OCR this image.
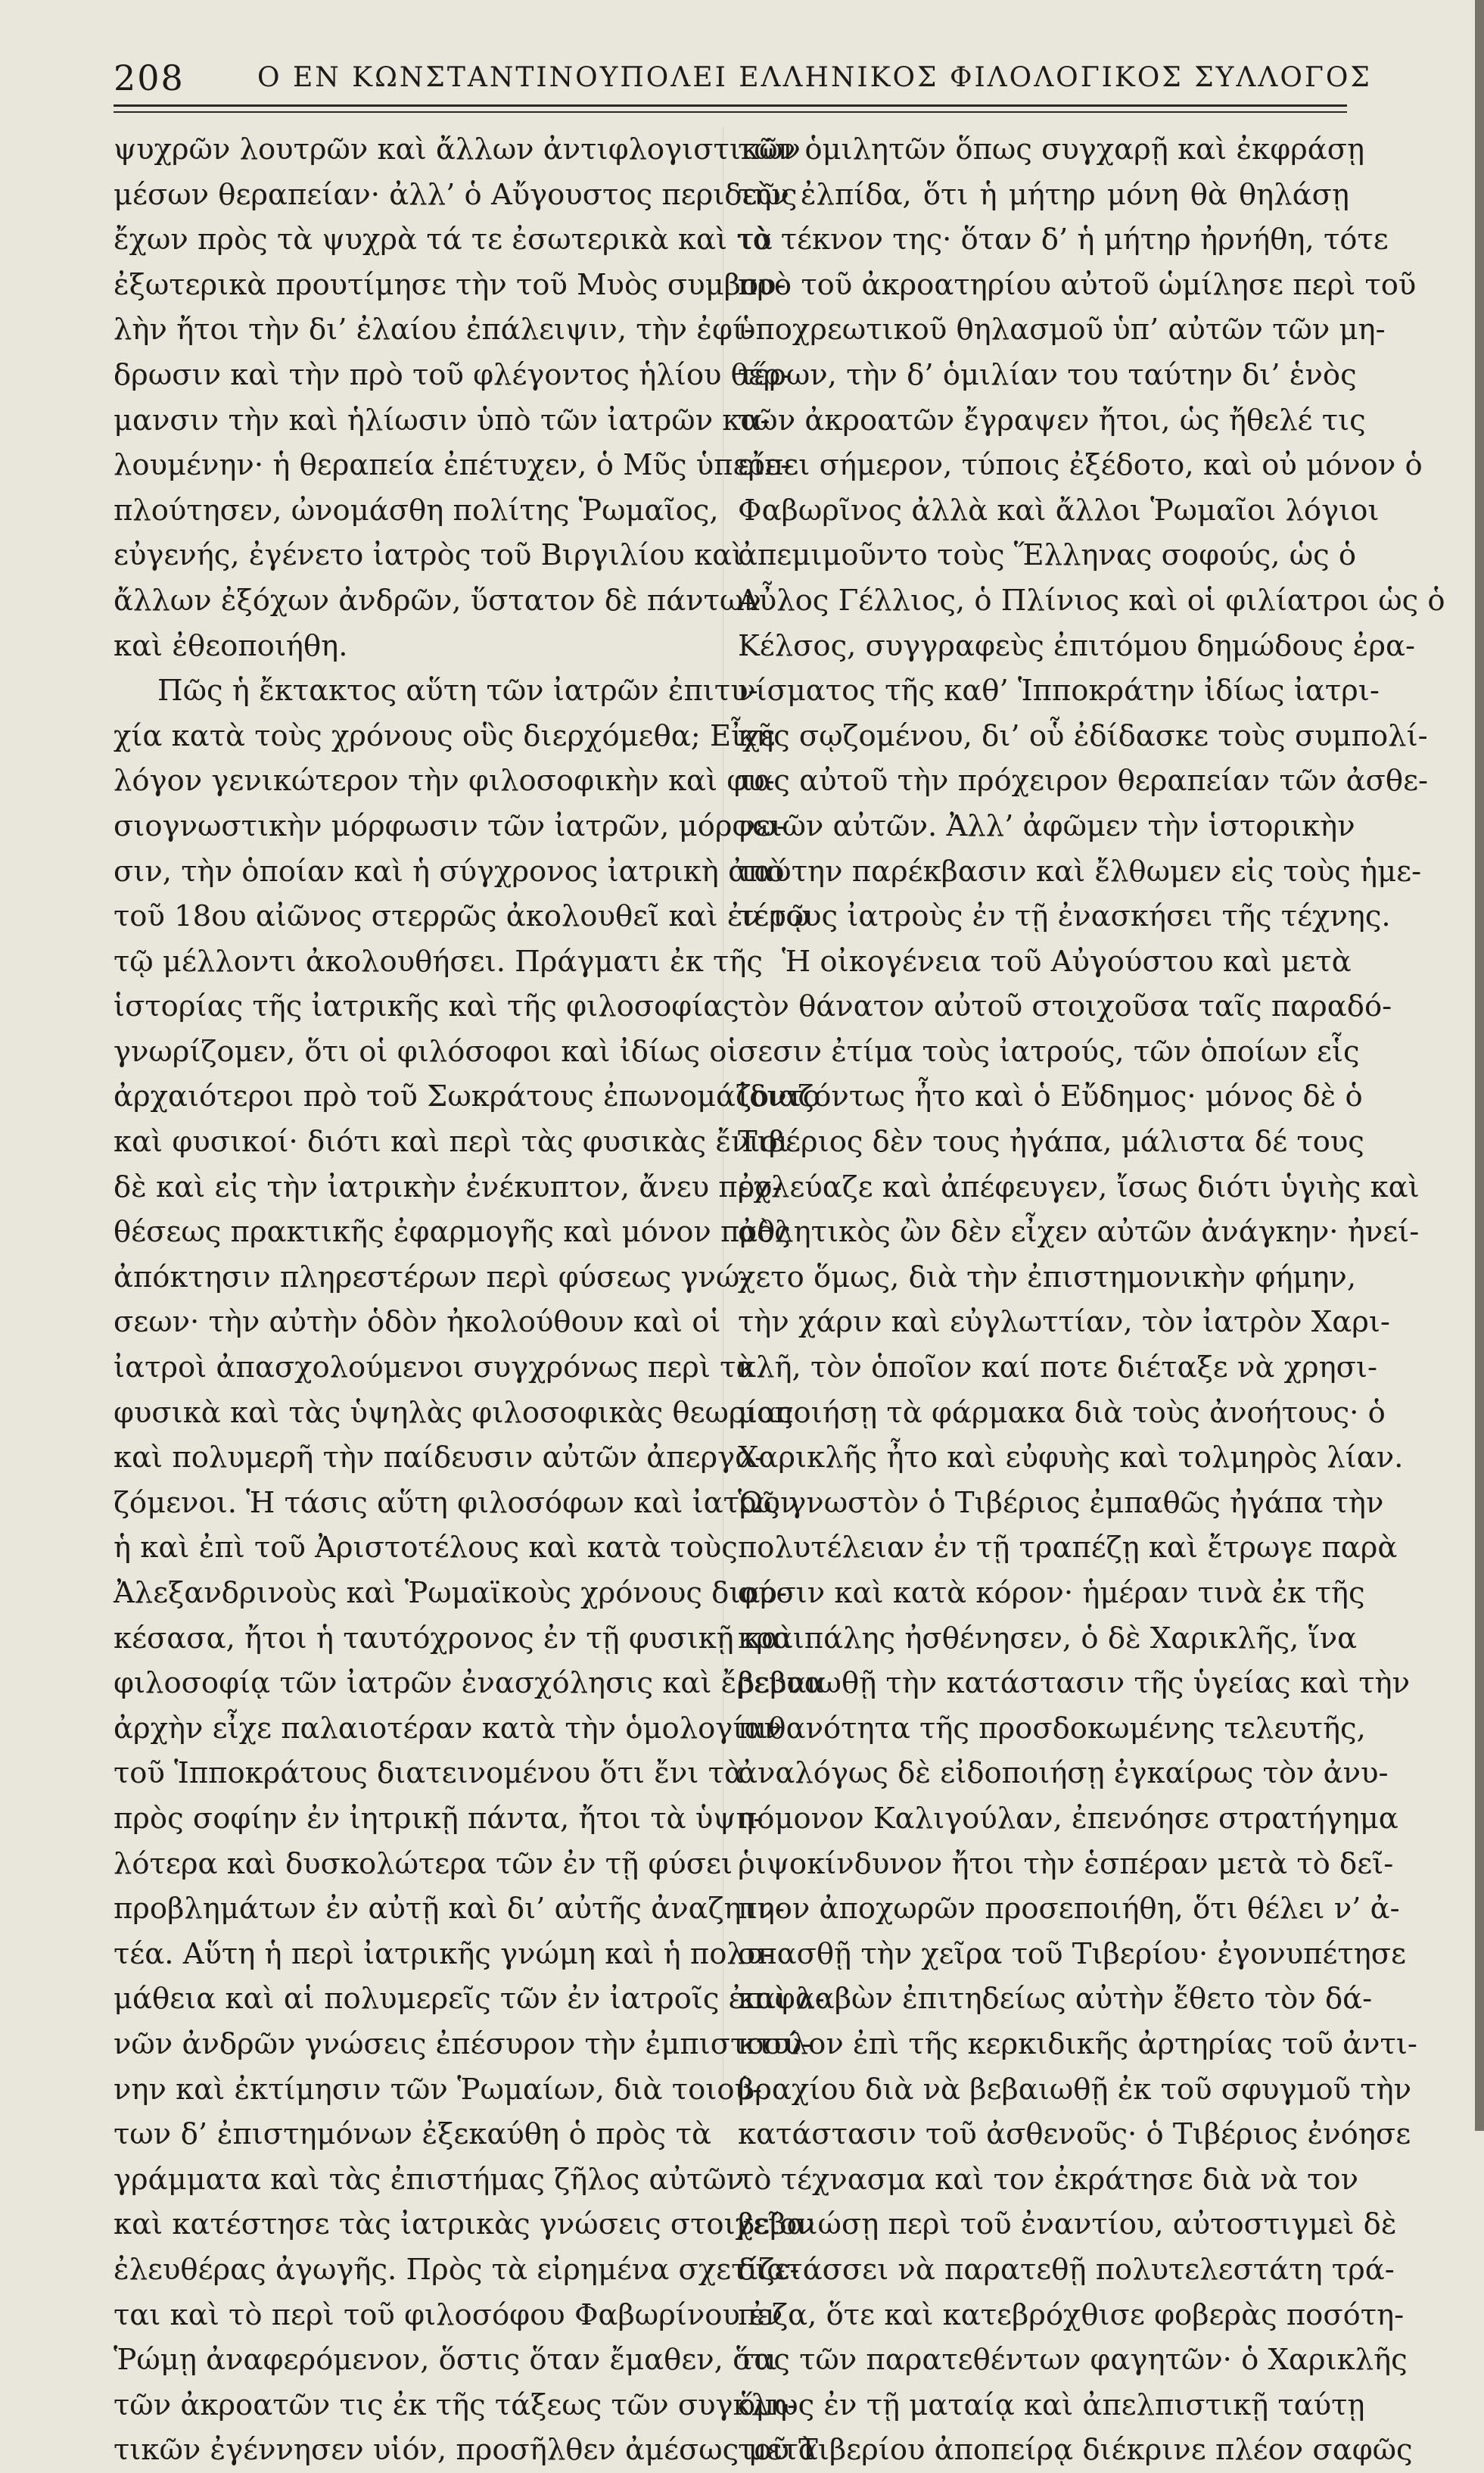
208	Ο ΕΝ ΚΩΝΣΤΑΝΤΙΝΟΥΠΟΛΕΙ ΕΛΛΗΝΙΚΟΣ ΦΙΛΟΛΟΓΙΚΟΣ ΣΥΛΛΟΓΟΣ
ψυχρῶν λουτρῶν καὶ ἄλλων ἀντιφλογιστικῶν
μέσων θεραπείαν· ἀλλ’ ὁ Αὔγουστος περιδεῶς
ἔχων πρὸς τὰ ψυχρὰ τά τε ἐσωτερικὰ καὶ τὰ
ἐξωτερικὰ προυτίμησε τὴν τοῦ Μυὸς συμβου-
λὴν ἤτοι τὴν δι’ ἐλαίου ἐπάλειψιν, τὴν ἐφί-
δρωσιν καὶ τὴν πρὸ τοῦ φλέγοντος ἡλίου θέρ-
μανσιν τὴν καὶ ἡλίωσιν ὑπὸ τῶν ἰατρῶν κα-
λουμένην· ἡ θεραπεία ἐπέτυχεν, ὁ Μῦς ὑπερε-
πλούτησεν, ὠνομάσθη πολίτης Ῥωμαῖος,
εὐγενής, ἐγένετο ἰατρὸς τοῦ Βιργιλίου καὶ
ἄλλων ἐξόχων ἀνδρῶν, ὕστατον δὲ πάντων
καὶ ἐθεοποιήθη.
Πῶς ἡ ἔκτακτος αὕτη τῶν ἰατρῶν ἐπιτυ-
χία κατὰ τοὺς χρόνους οὓς διερχόμεθα; Εἶχε
λόγον γενικώτερον τὴν φιλοσοφικὴν καὶ φυ-
σιογνωστικὴν μόρφωσιν τῶν ἰατρῶν, μόρφω-
σιν, τὴν ὁποίαν καὶ ἡ σύγχρονος ἰατρικὴ ἀπὸ
τοῦ 18ου αἰῶνος στερρῶς ἀκολουθεῖ καὶ ἐν τῷ
τῷ μέλλοντι ἀκολουθήσει. Πράγματι ἐκ τῆς
ἱστορίας τῆς ἰατρικῆς καὶ τῆς φιλοσοφίας
γνωρίζομεν, ὅτι οἱ φιλόσοφοι καὶ ἰδίως οἱ
ἀρχαιότεροι πρὸ τοῦ Σωκράτους ἐπωνομάζοντο
καὶ φυσικοί· διότι καὶ περὶ τὰς φυσικὰς ἔνιοι
δὲ καὶ εἰς τὴν ἰατρικὴν ἐνέκυπτον, ἄνευ προ-
θέσεως πρακτικῆς ἐφαρμογῆς καὶ μόνον πρὸς
ἀπόκτησιν πληρεστέρων περὶ φύσεως γνώ-
σεων· τὴν αὐτὴν ὁδὸν ἠκολούθουν καὶ οἱ
ἰατροὶ ἀπασχολούμενοι συγχρόνως περὶ τὰ
φυσικὰ καὶ τὰς ὑψηλὰς φιλοσοφικὰς θεωρίας
καὶ πολυμερῆ τὴν παίδευσιν αὐτῶν ἀπεργα-
ζόμενοι. Ἡ τάσις αὕτη φιλοσόφων καὶ ἰατρῶν
ἡ καὶ ἐπὶ τοῦ Ἀριστοτέλους καὶ κατὰ τοὺς
Ἀλεξανδρινοὺς καὶ Ῥωμαϊκοὺς χρόνους διαρ-
κέσασα, ἤτοι ἡ ταυτόχρονος ἐν τῇ φυσικῇ καὶ
φιλοσοφίᾳ τῶν ἰατρῶν ἐνασχόλησις καὶ ἔρευνα
ἀρχὴν εἶχε παλαιοτέραν κατὰ τὴν ὁμολογίαν
τοῦ Ἱπποκράτους διατεινομένου ὅτι ἔνι τὰ
πρὸς σοφίην ἐν ἰητρικῇ πάντα, ἤτοι τὰ ὑψη-
λότερα καὶ δυσκολώτερα τῶν ἐν τῇ φύσει
προβλημάτων ἐν αὐτῇ καὶ δι’ αὐτῆς ἀναζητη-
τέα. Αὕτη ἡ περὶ ἰατρικῆς γνώμη καὶ ἡ πολυ-
μάθεια καὶ αἱ πολυμερεῖς τῶν ἐν ἰατροῖς ἐπιφα-
νῶν ἀνδρῶν γνώσεις ἐπέσυρον τὴν ἐμπιστοσύ-
νην καὶ ἐκτίμησιν τῶν Ῥωμαίων, διὰ τοιού-
των δ’ ἐπιστημόνων ἐξεκαύθη ὁ πρὸς τὰ
γράμματα καὶ τὰς ἐπιστήμας ζῆλος αὐτῶν
καὶ κατέστησε τὰς ἰατρικὰς γνώσεις στοιχεῖον
ἐλευθέρας ἀγωγῆς. Πρὸς τὰ εἰρημένα σχετίζε-
ται καὶ τὸ περὶ τοῦ φιλοσόφου Φαβωρίνου ἐν
Ῥώμῃ ἀναφερόμενον, ὅστις ὅταν ἔμαθεν, ὅτι
τῶν ἀκροατῶν τις ἐκ τῆς τάξεως τῶν συγκλη-
τικῶν ἐγέννησεν υἱόν, προσῆλθεν ἀμέσως μετὰ
τῶν ὁμιλητῶν ὅπως συγχαρῇ καὶ ἐκφράσῃ
τὴν ἐλπίδα, ὅτι ἡ μήτηρ μόνη θὰ θηλάσῃ
τὸ τέκνον της· ὅταν δ’ ἡ μήτηρ ἠρνήθη, τότε
πρὸ τοῦ ἀκροατηρίου αὐτοῦ ὡμίλησε περὶ τοῦ
ὑποχρεωτικοῦ θηλασμοῦ ὑπ’ αὐτῶν τῶν μη-
τέρων, τὴν δ’ ὁμιλίαν του ταύτην δι’ ἑνὸς
τῶν ἀκροατῶν ἔγραψεν ἤτοι, ὡς ἤθελέ τις
εἴπει σήμερον, τύποις ἐξέδοτο, καὶ οὐ μόνον ὁ
Φαβωρῖνος ἀλλὰ καὶ ἄλλοι Ῥωμαῖοι λόγιοι
ἀπεμιμοῦντο τοὺς Ἕλληνας σοφούς, ὡς ὁ
Αὖλος Γέλλιος, ὁ Πλίνιος καὶ οἱ φιλίατροι ὡς ὁ
Κέλσος, συγγραφεὺς ἐπιτόμου δημώδους ἐρα-
νίσματος τῆς καθ’ Ἱπποκράτην ἰδίως ἰατρι-
κῆς σῳζομένου, δι’ οὗ ἐδίδασκε τοὺς συμπολί-
τας αὐτοῦ τὴν πρόχειρον θεραπείαν τῶν ἀσθε-
νειῶν αὐτῶν. Ἀλλ’ ἀφῶμεν τὴν ἱστορικὴν
ταύτην παρέκβασιν καὶ ἔλθωμεν εἰς τοὺς ἡμε-
τέρους ἰατροὺς ἐν τῇ ἐνασκήσει τῆς τέχνης.
Ἡ οἰκογένεια τοῦ Αὐγούστου καὶ μετὰ
τὸν θάνατον αὐτοῦ στοιχοῦσα ταῖς παραδό-
σεσιν ἐτίμα τοὺς ἰατρούς, τῶν ὁποίων εἷς
ἰδιαζόντως ἦτο καὶ ὁ Εὔδημος· μόνος δὲ ὁ
Τιβέριος δὲν τους ἠγάπα, μάλιστα δέ τους
ἐχλεύαζε καὶ ἀπέφευγεν, ἴσως διότι ὑγιὴς καὶ
ἀθλητικὸς ὢν δὲν εἶχεν αὐτῶν ἀνάγκην· ἠνεί-
χετο ὅμως, διὰ τὴν ἐπιστημονικὴν φήμην,
τὴν χάριν καὶ εὐγλωττίαν, τὸν ἰατρὸν Χαρι-
κλῆ, τὸν ὁποῖον καί ποτε διέταξε νὰ χρησι-
μοποιήσῃ τὰ φάρμακα διὰ τοὺς ἀνοήτους· ὁ
Χαρικλῆς ἦτο καὶ εὐφυὴς καὶ τολμηρὸς λίαν.
Ὡς γνωστὸν ὁ Τιβέριος ἐμπαθῶς ἠγάπα τὴν
πολυτέλειαν ἐν τῇ τραπέζῃ καὶ ἔτρωγε παρὰ
φύσιν καὶ κατὰ κόρον· ἡμέραν τινὰ ἐκ τῆς
κραιπάλης ἠσθένησεν, ὁ δὲ Χαρικλῆς, ἵνα
βεβαιωθῇ τὴν κατάστασιν τῆς ὑγείας καὶ τὴν
πιθανότητα τῆς προσδοκωμένης τελευτῆς,
ἀναλόγως δὲ εἰδοποιήσῃ ἐγκαίρως τὸν ἀνυ-
πόμονον Καλιγούλαν, ἐπενόησε στρατήγημα
ῥιψοκίνδυνον ἤτοι τὴν ἑσπέραν μετὰ τὸ δεῖ-
πνον ἀποχωρῶν προσεποιήθη, ὅτι θέλει ν’ ἀ-
σπασθῇ τὴν χεῖρα τοῦ Τιβερίου· ἐγονυπέτησε
καὶ λαβὼν ἐπιτηδείως αὐτὴν ἔθετο τὸν δά-
κτυλον ἐπὶ τῆς κερκιδικῆς ἀρτηρίας τοῦ ἀντι-
βραχίου διὰ νὰ βεβαιωθῇ ἐκ τοῦ σφυγμοῦ τὴν
κατάστασιν τοῦ ἀσθενοῦς· ὁ Τιβέριος ἐνόησε
τὸ τέχνασμα καὶ τον ἐκράτησε διὰ νὰ τον
βεβαιώσῃ περὶ τοῦ ἐναντίου, αὐτοστιγμεὶ δὲ
διατάσσει νὰ παρατεθῇ πολυτελεστάτη τρά-
πεζα, ὅτε καὶ κατεβρόχθισε φοβερὰς ποσότη-
τας τῶν παρατεθέντων φαγητῶν· ὁ Χαρικλῆς
ὅμως ἐν τῇ ματαίᾳ καὶ ἀπελπιστικῇ ταύτῃ
τοῦ Τιβερίου ἀποπείρᾳ διέκρινε πλέον σαφῶς
